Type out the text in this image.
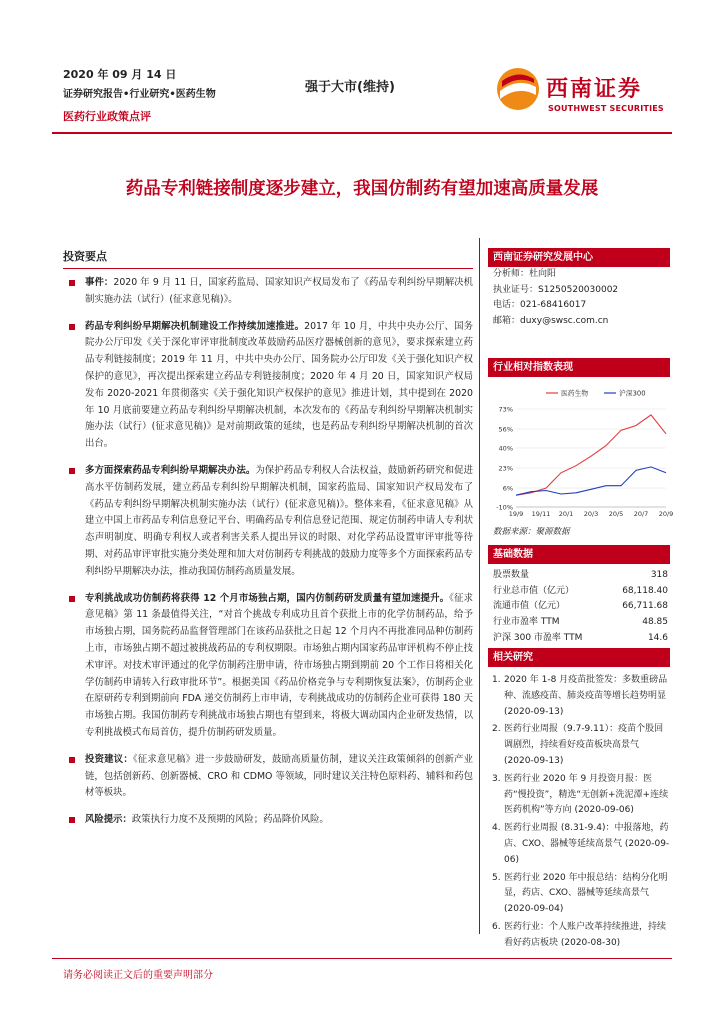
2020 年 09 月 14 日
证券研究报告•行业研究•医药生物
医药行业政策点评
强于大市(维持)	西南证券
SOUTHWEST SECURITIES
药品专利链接制度逐步建立，我国仿制药有望加速高质量发展
投资要点
事件：2020 年 9 月 11 日，国家药监局、国家知识产权局发布了《药品专利纠纷早期解决机制实施办法（试行）(征求意见稿)》。
药品专利纠纷早期解决机制建设工作持续加速推进。2017 年 10 月，中共中央办公厅、国务院办公厅印发《关于深化审评审批制度改革鼓励药品医疗器械创新的意见》，要求探索建立药品专利链接制度；2019 年 11 月，中共中央办公厅、国务院办公厅印发《关于强化知识产权保护的意见》，再次提出探索建立药品专利链接制度；2020 年 4 月 20 日，国家知识产权局发布 2020-2021 年贯彻落实《关于强化知识产权保护的意见》推进计划，其中提到在 2020 年 10 月底前要建立药品专利纠纷早期解决机制，本次发布的《药品专利纠纷早期解决机制实施办法（试行）(征求意见稿)》是对前期政策的延续，也是药品专利纠纷早期解决机制的首次出台。
多方面探索药品专利纠纷早期解决办法。为保护药品专利权人合法权益，鼓励新药研究和促进高水平仿制药发展，建立药品专利纠纷早期解决机制，国家药监局、国家知识产权局发布了《药品专利纠纷早期解决机制实施办法（试行）(征求意见稿)》。整体来看，《征求意见稿》从建立中国上市药品专利信息登记平台、明确药品专利信息登记范围、规定仿制药申请人专利状态声明制度、明确专利权人或者利害关系人提出异议的时限、对化学药品设置审评审批等待期、对药品审评审批实施分类处理和加大对仿制药专利挑战的鼓励力度等多个方面探索药品专利纠纷早期解决办法，推动我国仿制药高质量发展。
专利挑战成功仿制药将获得 12 个月市场独占期，国内仿制药研发质量有望加速提升。《征求意见稿》第 11 条最值得关注，“对首个挑战专利成功且首个获批上市的化学仿制药品，给予市场独占期，国务院药品监督管理部门在该药品获批之日起 12 个月内不再批准同品种仿制药上市，市场独占期不超过被挑战药品的专利权期限。市场独占期内国家药品审评机构不停止技术审评。对技术审评通过的化学仿制药注册申请，待市场独占期到期前 20 个工作日将相关化学仿制药申请转入行政审批环节”。根据美国《药品价格竞争与专利期恢复法案》，仿制药企业在原研药专利到期前向 FDA 递交仿制药上市申请，专利挑战成功的仿制药企业可获得 180 天市场独占期。我国仿制药专利挑战市场独占期也有望到来，将极大调动国内企业研发热情，以专利挑战模式布局首仿，提升仿制药研发质量。
投资建议：《征求意见稿》进一步鼓励研发，鼓励高质量仿制，建议关注政策倾斜的创新产业链，包括创新药、创新器械、CRO 和 CDMO 等领域，同时建议关注特色原料药、辅料和药包材等板块。
风险提示：政策执行力度不及预期的风险；药品降价风险。
西南证券研究发展中心
分析师：杜向阳
执业证号：S1250520030002
电话：021-68416017
邮箱：duxy@swsc.com.cn
行业相对指数表现
73%
56%
40%
23%
6%
-10%
19/9 19/11 20/1 20/3 20/5 20/7 20/9
医药生物	沪深300
数据来源：聚源数据
基础数据
股票数量	318
行业总市值（亿元）	68,118.40
流通市值（亿元）	66,711.68
行业市盈率 TTM	48.85
沪深 300 市盈率 TTM	14.6
相关研究
1. 2020 年 1-8 月疫苗批签发：多数重磅品种、流感疫苗、肺炎疫苗等增长趋势明显 (2020-09-13)
2. 医药行业周报（9.7-9.11）：疫苗个股回调剧烈，持续看好疫苗板块高景气 (2020-09-13)
3. 医药行业 2020 年 9 月投资月报：医药“慢投资”，精选“无创新+洗泥潭+连续医药机构”等方向 (2020-09-06)
4. 医药行业周报 (8.31-9.4)：中报落地，药店、CXO、器械等延续高景气 (2020-09-06)
5. 医药行业 2020 年中报总结：结构分化明显，药店、CXO、器械等延续高景气 (2020-09-04)
6. 医药行业：个人账户改革持续推进，持续看好药店板块 (2020-08-30)
请务必阅读正文后的重要声明部分
